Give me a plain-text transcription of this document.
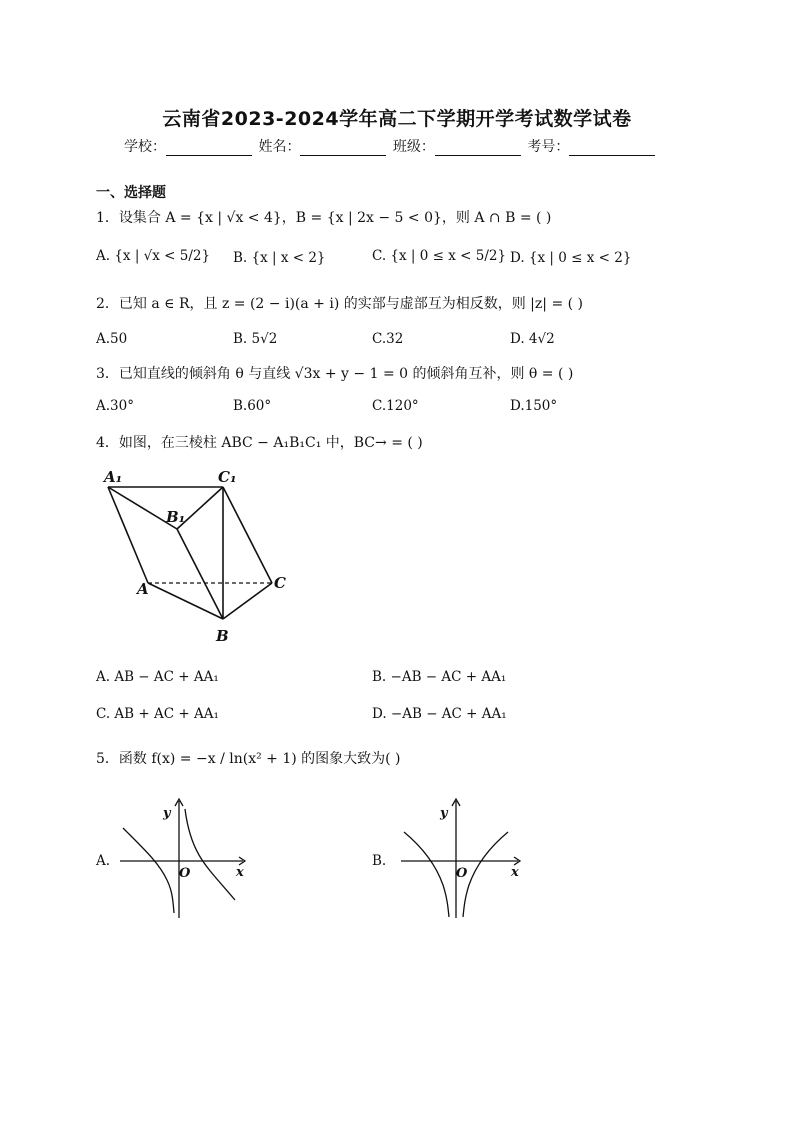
云南省2023-2024学年高二下学期开学考试数学试卷
学校：	姓名：	班级：	考号：
一、选择题
1．设集合 A = {x | √x < 4}，B = {x | 2x − 5 < 0}，则 A ∩ B = ( )
A. {x | √x < 5/2} B. {x | x < 2}	C. {x | 0 ≤ x < 5/2} D. {x | 0 ≤ x < 2}
2．已知 a ∈ R，且 z = (2 − i)(a + i) 的实部与虚部互为相反数，则 |z| = ( )
A.50	B. 5√2	C.32	D. 4√2
3．已知直线的倾斜角 θ 与直线 √3x + y − 1 = 0 的倾斜角互补，则 θ = ( )
A.30°	B.60°	C.120°	D.150°
4．如图，在三棱柱 ABC − A₁B₁C₁ 中，BC→ = ( )
A₁	C₁
B₁
A	C
B
A. AB − AC + AA₁	B. −AB − AC + AA₁
C. AB + AC + AA₁	D. −AB − AC + AA₁
5．函数 f(x) = −x / ln(x² + 1) 的图象大致为( )
A.
y
x
O
B.
y
x
O
